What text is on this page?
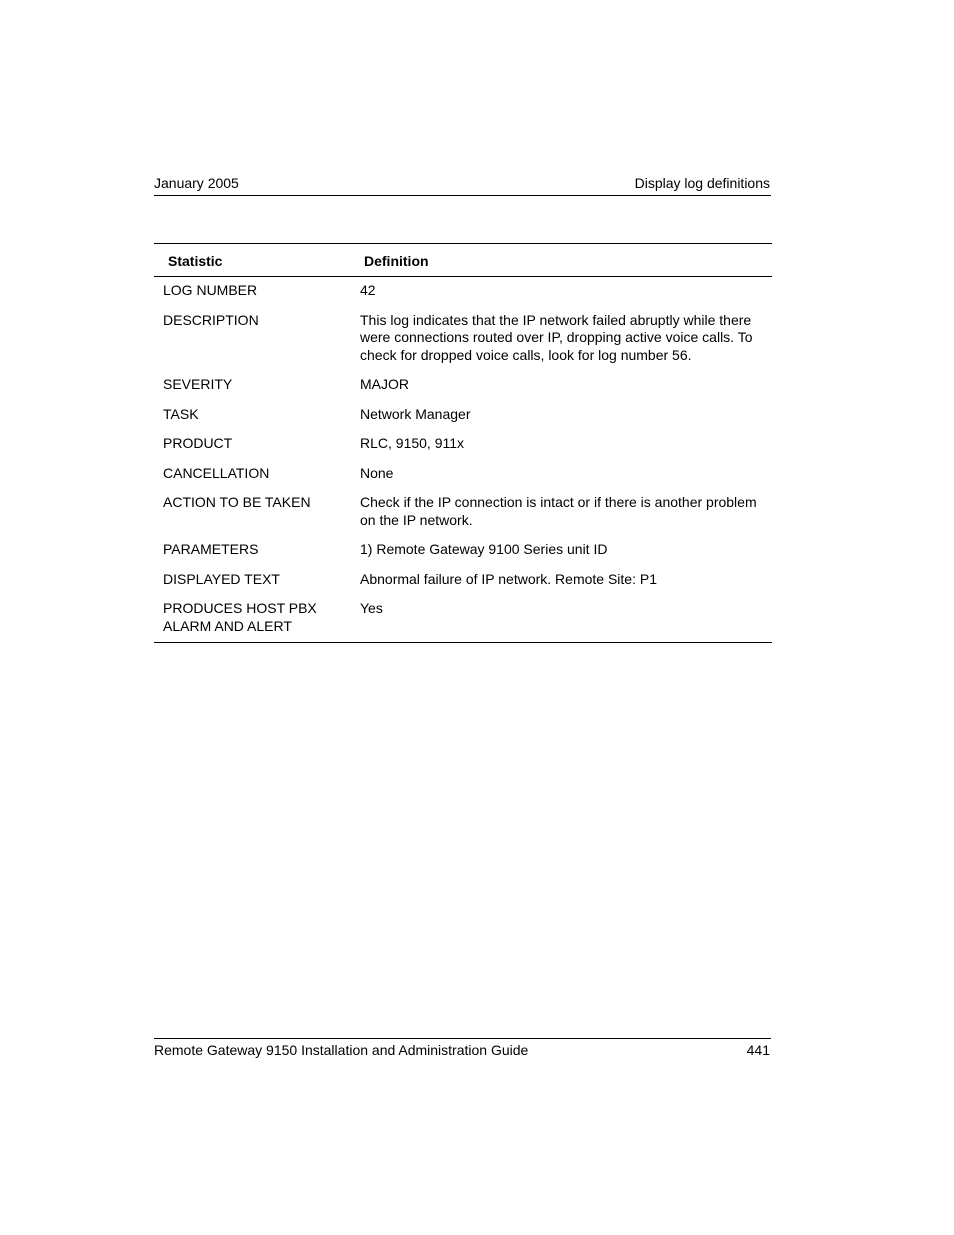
January 2005	Display log definitions
Statistic	Definition
LOG NUMBER	42
DESCRIPTION	This log indicates that the IP network failed abruptly while there were connections routed over IP, dropping active voice calls. To check for dropped voice calls, look for log number 56.
SEVERITY	MAJOR
TASK	Network Manager
PRODUCT	RLC, 9150, 911x
CANCELLATION	None
ACTION TO BE TAKEN	Check if the IP connection is intact or if there is another problem on the IP network.
PARAMETERS	1) Remote Gateway 9100 Series unit ID
DISPLAYED TEXT	Abnormal failure of IP network. Remote Site: P1
PRODUCES HOST PBX ALARM AND ALERT	Yes
Remote Gateway 9150 Installation and Administration Guide	441
